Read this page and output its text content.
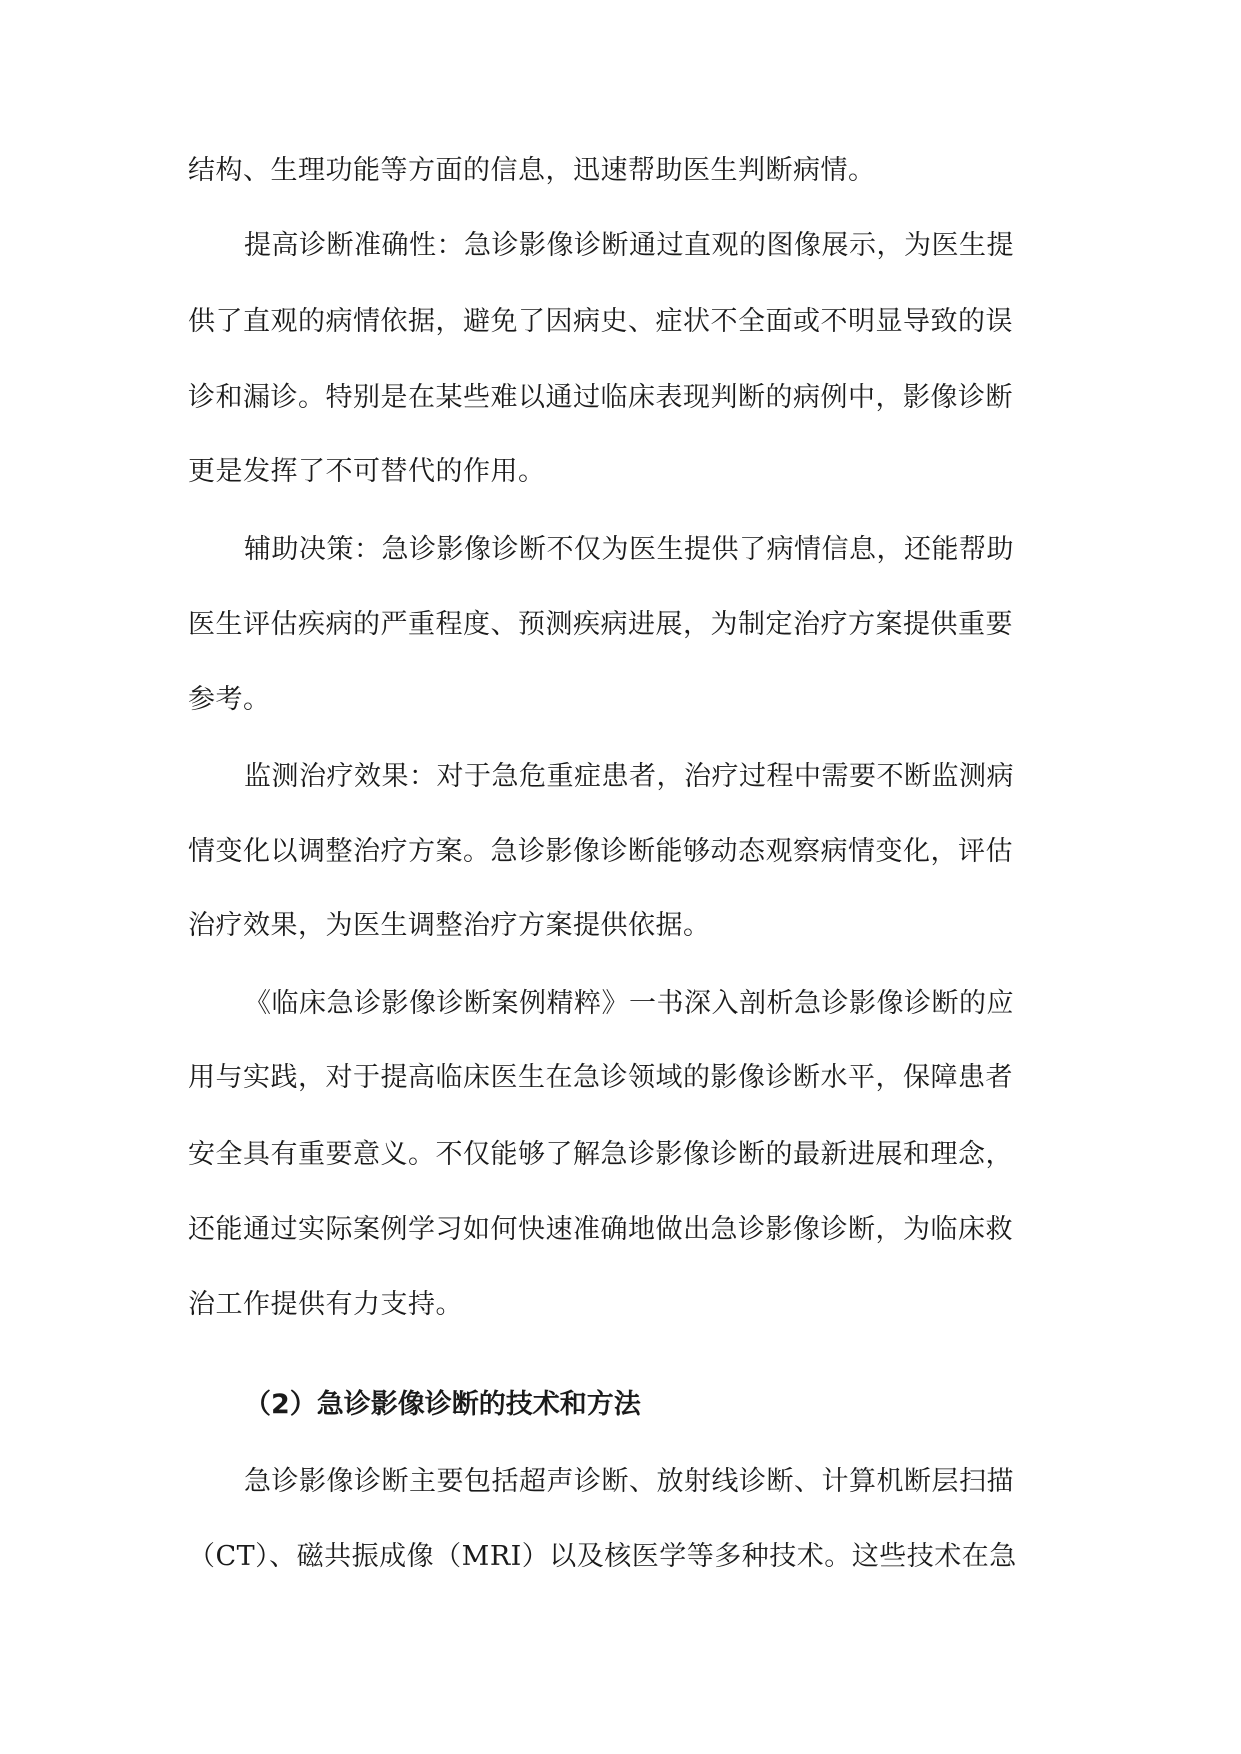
结构、生理功能等方面的信息，迅速帮助医生判断病情。
提高诊断准确性：急诊影像诊断通过直观的图像展示，为医生提
供了直观的病情依据，避免了因病史、症状不全面或不明显导致的误
诊和漏诊。特别是在某些难以通过临床表现判断的病例中，影像诊断
更是发挥了不可替代的作用。
辅助决策：急诊影像诊断不仅为医生提供了病情信息，还能帮助
医生评估疾病的严重程度、预测疾病进展，为制定治疗方案提供重要
参考。
监测治疗效果：对于急危重症患者，治疗过程中需要不断监测病
情变化以调整治疗方案。急诊影像诊断能够动态观察病情变化，评估
治疗效果，为医生调整治疗方案提供依据。
《临床急诊影像诊断案例精粹》一书深入剖析急诊影像诊断的应
用与实践，对于提高临床医生在急诊领域的影像诊断水平，保障患者
安全具有重要意义。不仅能够了解急诊影像诊断的最新进展和理念，
还能通过实际案例学习如何快速准确地做出急诊影像诊断，为临床救
治工作提供有力支持。
（2）急诊影像诊断的技术和方法
急诊影像诊断主要包括超声诊断、放射线诊断、计算机断层扫描
（CT）、磁共振成像（MRI）以及核医学等多种技术。这些技术在急
